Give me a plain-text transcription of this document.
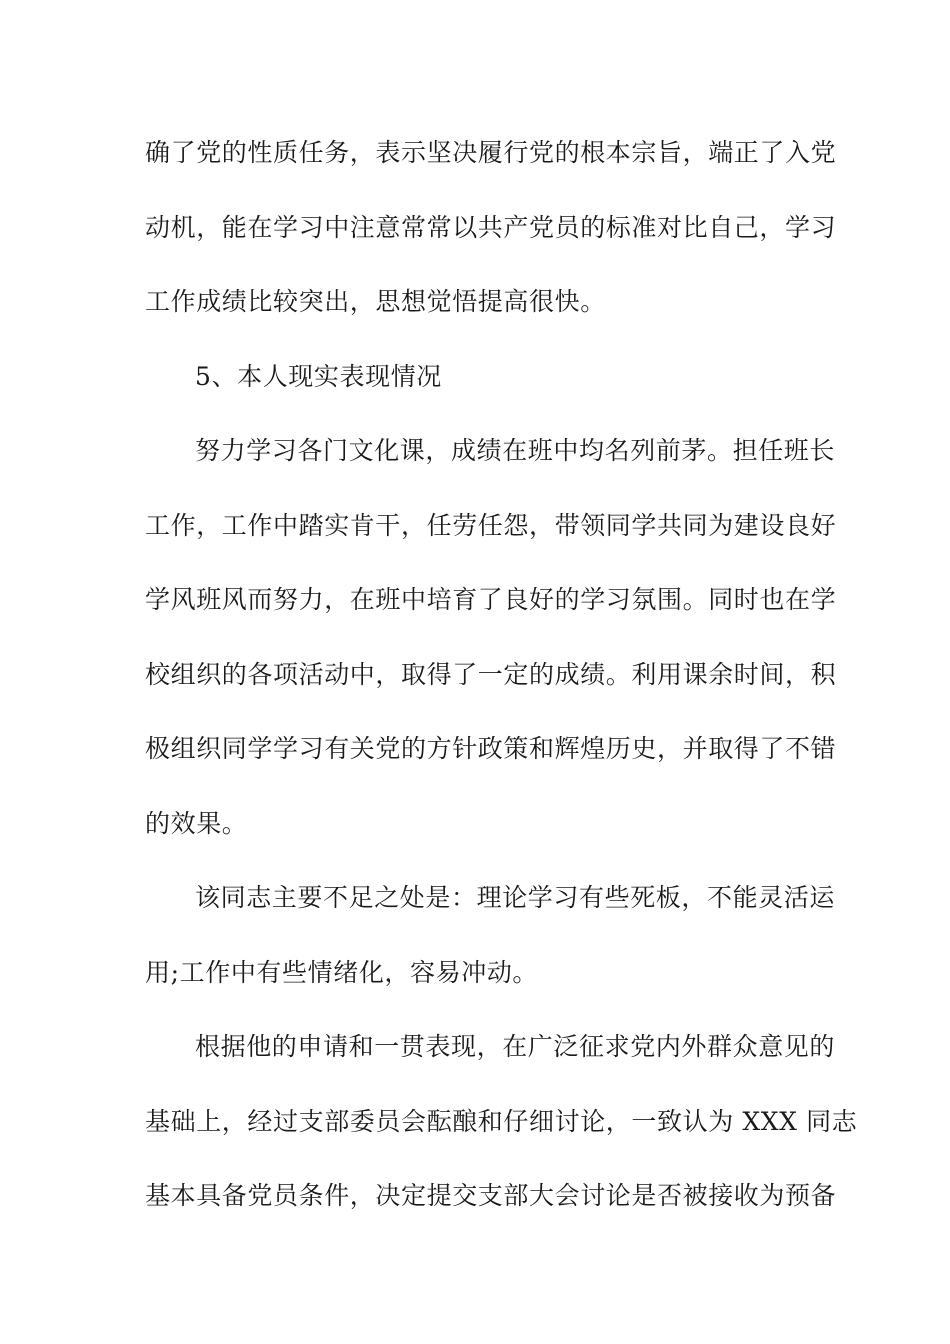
确了党的性质任务，表示坚决履行党的根本宗旨，端正了入党
动机，能在学习中注意常常以共产党员的标准对比自己，学习
工作成绩比较突出，思想觉悟提高很快。
5、本人现实表现情况
努力学习各门文化课，成绩在班中均名列前茅。担任班长
工作，工作中踏实肯干，任劳任怨，带领同学共同为建设良好
学风班风而努力，在班中培育了良好的学习氛围。同时也在学
校组织的各项活动中，取得了一定的成绩。利用课余时间，积
极组织同学学习有关党的方针政策和辉煌历史，并取得了不错
的效果。
该同志主要不足之处是：理论学习有些死板，不能灵活运
用;工作中有些情绪化，容易冲动。
根据他的申请和一贯表现，在广泛征求党内外群众意见的
基础上，经过支部委员会酝酿和仔细讨论，一致认为 XXX 同志
基本具备党员条件，决定提交支部大会讨论是否被接收为预备
